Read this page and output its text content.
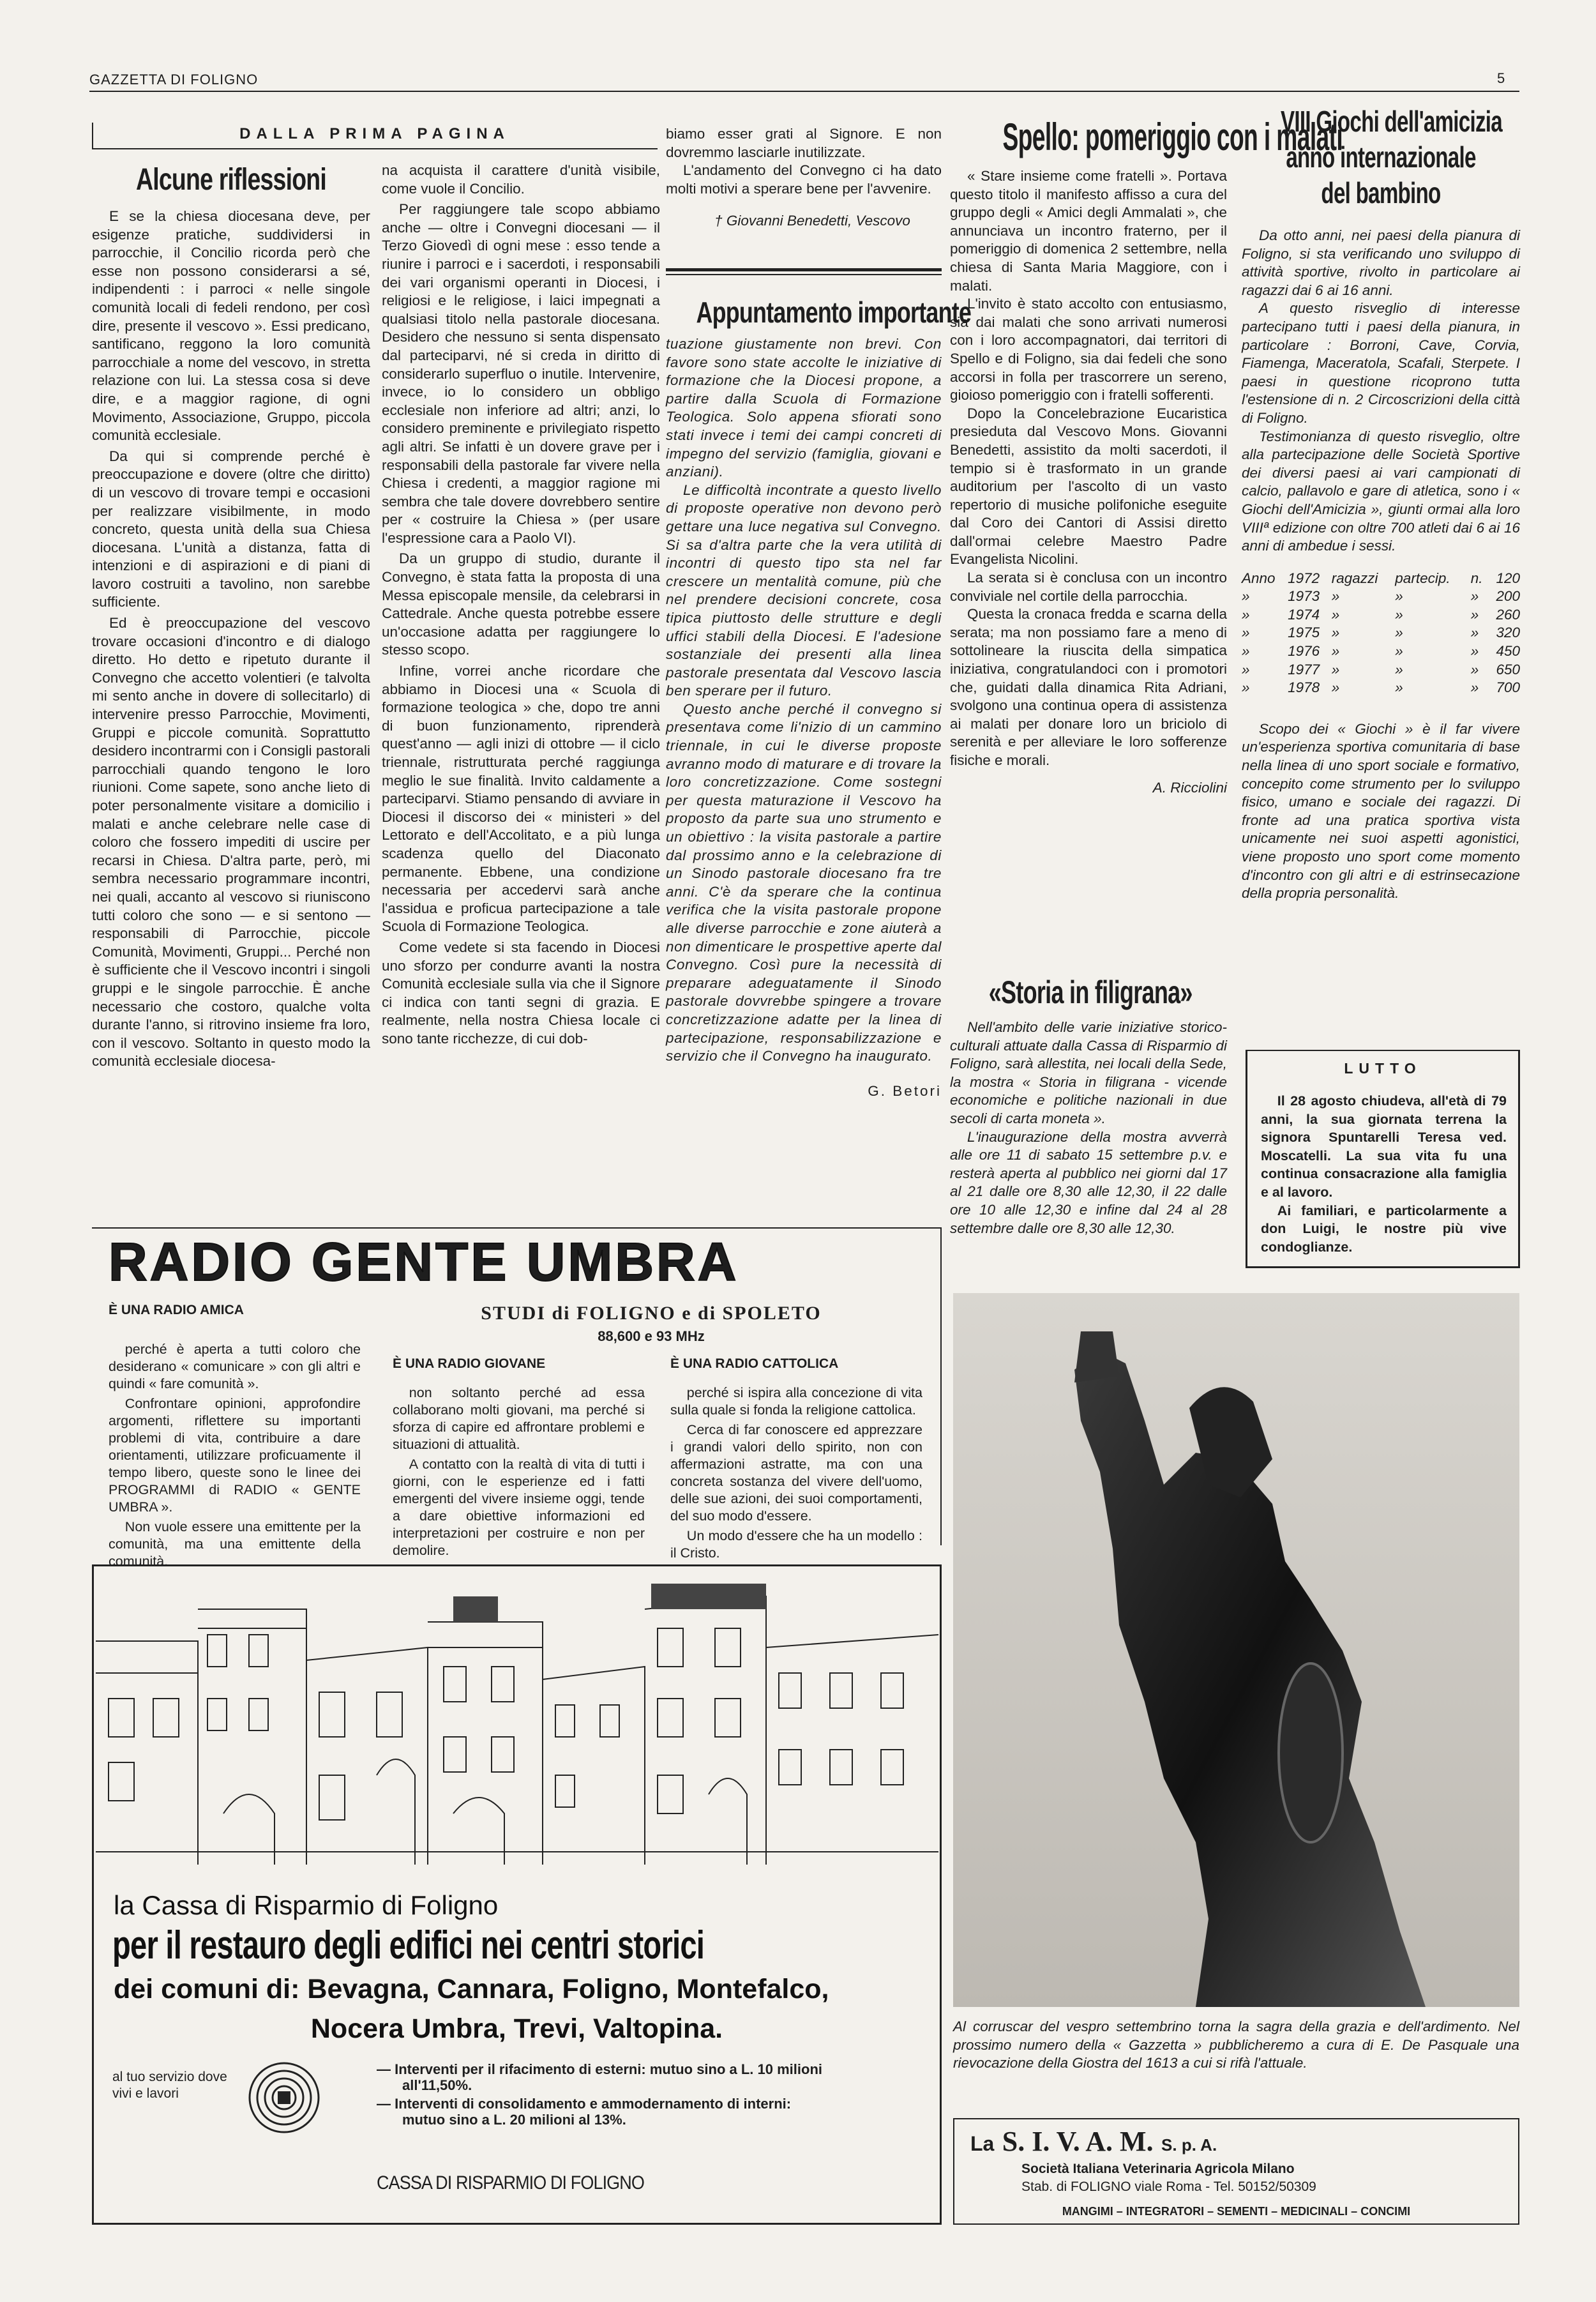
GAZZETTA DI FOLIGNO	5
DALLA PRIMA PAGINA
Alcune riflessioni

E se la chiesa diocesana deve, per esigenze pratiche, suddividersi in parrocchie, il Concilio ricorda però che esse non possono considerarsi a sé, indipendenti : i parroci « nelle singole comunità locali di fedeli rendono, per così dire, presente il vescovo ». Essi predicano, santificano, reggono la loro comunità parrocchiale a nome del vescovo, in stretta relazione con lui. La stessa cosa si deve dire, e a maggior ragione, di ogni Movimento, Associazione, Gruppo, piccola comunità ecclesiale.

Da qui si comprende perché è preoccupazione e dovere (oltre che diritto) di un vescovo di trovare tempi e occasioni per realizzare visibilmente, in modo concreto, questa unità della sua Chiesa diocesana. L'unità a distanza, fatta di intenzioni e di aspirazioni e di piani di lavoro costruiti a tavolino, non sarebbe sufficiente.

Ed è preoccupazione del vescovo trovare occasioni d'incontro e di dialogo diretto. Ho detto e ripetuto durante il Convegno che accetto volentieri (e talvolta mi sento anche in dovere di sollecitarlo) di intervenire presso Parrocchie, Movimenti, Gruppi e piccole comunità. Soprattutto desidero incontrarmi con i Consigli pastorali parrocchiali quando tengono le loro riunioni. Come sapete, sono anche lieto di poter personalmente visitare a domicilio i malati e anche celebrare nelle case di coloro che fossero impediti di uscire per recarsi in Chiesa. D'altra parte, però, mi sembra necessario programmare incontri, nei quali, accanto al vescovo si riuniscono tutti coloro che sono — e si sentono — responsabili di Parrocchie, piccole Comunità, Movimenti, Gruppi... Perché non è sufficiente che il Vescovo incontri i singoli gruppi e le singole parrocchie. È anche necessario che costoro, qualche volta durante l'anno, si ritrovino insieme fra loro, con il vescovo. Soltanto in questo modo la comunità ecclesiale diocesa-

na acquista il carattere d'unità visibile, come vuole il Concilio.

Per raggiungere tale scopo abbiamo anche — oltre i Convegni diocesani — il Terzo Giovedì di ogni mese : esso tende a riunire i parroci e i sacerdoti, i responsabili dei vari organismi operanti in Diocesi, i religiosi e le religiose, i laici impegnati a qualsiasi titolo nella pastorale diocesana. Desidero che nessuno si senta dispensato dal parteciparvi, né si creda in diritto di considerarlo superfluo o inutile. Intervenire, invece, io lo considero un obbligo ecclesiale non inferiore ad altri; anzi, lo considero preminente e privilegiato rispetto agli altri. Se infatti è un dovere grave per i responsabili della pastorale far vivere nella Chiesa i credenti, a maggior ragione mi sembra che tale dovere dovrebbero sentire per « costruire la Chiesa » (per usare l'espressione cara a Paolo VI).

Da un gruppo di studio, durante il Convegno, è stata fatta la proposta di una Messa episcopale mensile, da celebrarsi in Cattedrale. Anche questa potrebbe essere un'occasione adatta per raggiungere lo stesso scopo.

Infine, vorrei anche ricordare che abbiamo in Diocesi una « Scuola di formazione teologica » che, dopo tre anni di buon funzionamento, riprenderà quest'anno — agli inizi di ottobre — il ciclo triennale, ristrutturata perché raggiunga meglio le sue finalità. Invito caldamente a parteciparvi. Stiamo pensando di avviare in Diocesi il discorso dei « ministeri » del Lettorato e dell'Accolitato, e a più lunga scadenza quello del Diaconato permanente. Ebbene, una condizione necessaria per accedervi sarà anche l'assidua e proficua partecipazione a tale Scuola di Formazione Teologica.

Come vedete si sta facendo in Diocesi uno sforzo per condurre avanti la nostra Comunità ecclesiale sulla via che il Signore ci indica con tanti segni di grazia. E realmente, nella nostra Chiesa locale ci sono tante ricchezze, di cui dob-

biamo esser grati al Signore. E non dovremmo lasciarle inutilizzate.

L'andamento del Convegno ci ha dato molti motivi a sperare bene per l'avvenire.

† Giovanni Benedetti, Vescovo

Appuntamento importante

tuazione giustamente non brevi. Con favore sono state accolte le iniziative di formazione che la Diocesi propone, a partire dalla Scuola di Formazione Teologica. Solo appena sfiorati sono stati invece i temi dei campi concreti di impegno del servizio (famiglia, giovani e anziani).

Le difficoltà incontrate a questo livello di proposte operative non devono però gettare una luce negativa sul Convegno. Si sa d'altra parte che la vera utilità di incontri di questo tipo sta nel far crescere un mentalità comune, più che nel prendere decisioni concrete, cosa tipica piuttosto delle strutture e degli uffici stabili della Diocesi. E l'adesione sostanziale dei presenti alla linea pastorale presentata dal Vescovo lascia ben sperare per il futuro.

Questo anche perché il convegno si presentava come li'nizio di un cammino triennale, in cui le diverse proposte avranno modo di maturare e di trovare la loro concretizzazione. Come sostegni per questa maturazione il Vescovo ha proposto da parte sua uno strumento e un obiettivo : la visita pastorale a partire dal prossimo anno e la celebrazione di un Sinodo pastorale diocesano fra tre anni. C'è da sperare che la continua verifica che la visita pastorale propone alle diverse parrocchie e zone aiuterà a non dimenticare le prospettive aperte dal Convegno. Così pure la necessità di preparare adeguatamente il Sinodo pastorale dovvrebbe spingere a trovare concretizzazione adatte per la linea di partecipazione, responsabilizzazione e servizio che il Convegno ha inaugurato.

G. Betori

Spello: pomeriggio con i malati

« Stare insieme come fratelli ». Portava questo titolo il manifesto affisso a cura del gruppo degli « Amici degli Ammalati », che annunciava un incontro fraterno, per il pomeriggio di domenica 2 settembre, nella chiesa di Santa Maria Maggiore, con i malati.

L'invito è stato accolto con entusiasmo, sia dai malati che sono arrivati numerosi con i loro accompagnatori, dai territori di Spello e di Foligno, sia dai fedeli che sono accorsi in folla per trascorrere un sereno, gioioso pomeriggio con i fratelli sofferenti.

Dopo la Concelebrazione Eucaristica presieduta dal Vescovo Mons. Giovanni Benedetti, assistito da molti sacerdoti, il tempio si è trasformato in un grande auditorium per l'ascolto di un vasto repertorio di musiche polifoniche eseguite dal Coro dei Cantori di Assisi diretto dall'ormai celebre Maestro Padre Evangelista Nicolini.

La serata si è conclusa con un incontro conviviale nel cortile della parrocchia.

Questa la cronaca fredda e scarna della serata; ma non possiamo fare a meno di sottolineare la riuscita della simpatica iniziativa, congratulandoci con i promotori che, guidati dalla dinamica Rita Adriani, svolgono una continua opera di assistenza ai malati per donare loro un briciolo di serenità e per alleviare le loro sofferenze fisiche e morali.

A. Ricciolini

«Storia in filigrana»

Nell'ambito delle varie iniziative storico-culturali attuate dalla Cassa di Risparmio di Foligno, sarà allestita, nei locali della Sede, la mostra « Storia in filigrana - vicende economiche e politiche nazionali in due secoli di carta moneta ».

L'inaugurazione della mostra avverrà alle ore 11 di sabato 15 settembre p.v. e resterà aperta al pubblico nei giorni dal 17 al 21 dalle ore 8,30 alle 12,30, il 22 dalle ore 10 alle 12,30 e infine dal 24 al 28 settembre dalle ore 8,30 alle 12,30.

VIII Giochi dell'amicizia
anno internazionale
del bambino

Da otto anni, nei paesi della pianura di Foligno, si sta verificando uno sviluppo di attività sportive, rivolto in particolare ai ragazzi dai 6 ai 16 anni.

A questo risveglio di interesse partecipano tutti i paesi della pianura, in particolare : Borroni, Cave, Corvia, Fiamenga, Maceratola, Scafali, Sterpete. I paesi in questione ricoprono tutta l'estensione di n. 2 Circoscrizioni della città di Foligno.

Testimonianza di questo risveglio, oltre alla partecipazione delle Società Sportive dei diversi paesi ai vari campionati di calcio, pallavolo e gare di atletica, sono i « Giochi dell'Amicizia », giunti ormai alla loro VIIIª edizione con oltre 700 atleti dai 6 ai 16 anni di ambedue i sessi.

Anno	1972	ragazzi	partecip.	n.	120
»	1973	»	»	»	200
»	1974	»	»	»	260
»	1975	»	»	»	320
»	1976	»	»	»	450
»	1977	»	»	»	650
»	1978	»	»	»	700

Scopo dei « Giochi » è il far vivere un'esperienza sportiva comunitaria di base nella linea di uno sport sociale e formativo, concepito come strumento per lo sviluppo fisico, umano e sociale dei ragazzi. Di fronte ad una pratica sportiva vista unicamente nei suoi aspetti agonistici, viene proposto uno sport come momento d'incontro con gli altri e di estrinsecazione della propria personalità.

LUTTO

Il 28 agosto chiudeva, all'età di 79 anni, la sua giornata terrena la signora Spuntarelli Teresa ved. Moscatelli. La sua vita fu una continua consacrazione alla famiglia e al lavoro.

Ai familiari, e particolarmente a don Luigi, le nostre più vive condoglianze.

RADIO GENTE UMBRA
STUDI di FOLIGNO e di SPOLETO
88,600 e 93 MHz
È UNA RADIO AMICA

perché è aperta a tutti coloro che desiderano « comunicare » con gli altri e quindi « fare comunità ».

Confrontare opinioni, approfondire argomenti, riflettere su importanti problemi di vita, contribuire a dare orientamenti, utilizzare proficuamente il tempo libero, queste sono le linee dei PROGRAMMI di RADIO « GENTE UMBRA ».

Non vuole essere una emittente per la comunità, ma una emittente della comunità.

È UNA RADIO GIOVANE

non soltanto perché ad essa collaborano molti giovani, ma perché si sforza di capire ed affrontare problemi e situazioni di attualità.

A contatto con la realtà di vita di tutti i giorni, con le esperienze ed i fatti emergenti del vivere insieme oggi, tende a dare obiettive informazioni ed interpretazioni per costruire e non per demolire.

È UNA RADIO CATTOLICA

perché si ispira alla concezione di vita sulla quale si fonda la religione cattolica.

Cerca di far conoscere ed apprezzare i grandi valori dello spirito, non con affermazioni astratte, ma con una concreta sostanza del vivere dell'uomo, delle sue azioni, dei suoi comportamenti, del suo modo d'essere.

Un modo d'essere che ha un modello : il Cristo.

la Cassa di Risparmio di Foligno
per il restauro degli edifici nei centri storici
dei comuni di: Bevagna, Cannara, Foligno, Montefalco,
Nocera Umbra, Trevi, Valtopina.
al tuo servizio dove vivi e lavori
— Interventi per il rifacimento di esterni: mutuo sino a L. 10 milioni all'11,50%.
— Interventi di consolidamento e ammodernamento di interni: mutuo sino a L. 20 milioni al 13%.
CASSA DI RISPARMIO DI FOLIGNO
Al corruscar del vespro settembrino torna la sagra della grazia e dell'ardimento. Nel prossimo numero della « Gazzetta » pubblicheremo a cura di E. De Pasquale una rievocazione della Giostra del 1613 a cui si rifà l'attuale.
La S. I. V. A. M. S. p. A.
Società Italiana Veterinaria Agricola Milano
Stab. di FOLIGNO viale Roma - Tel. 50152/50309
MANGIMI – INTEGRATORI – SEMENTI – MEDICINALI – CONCIMI
